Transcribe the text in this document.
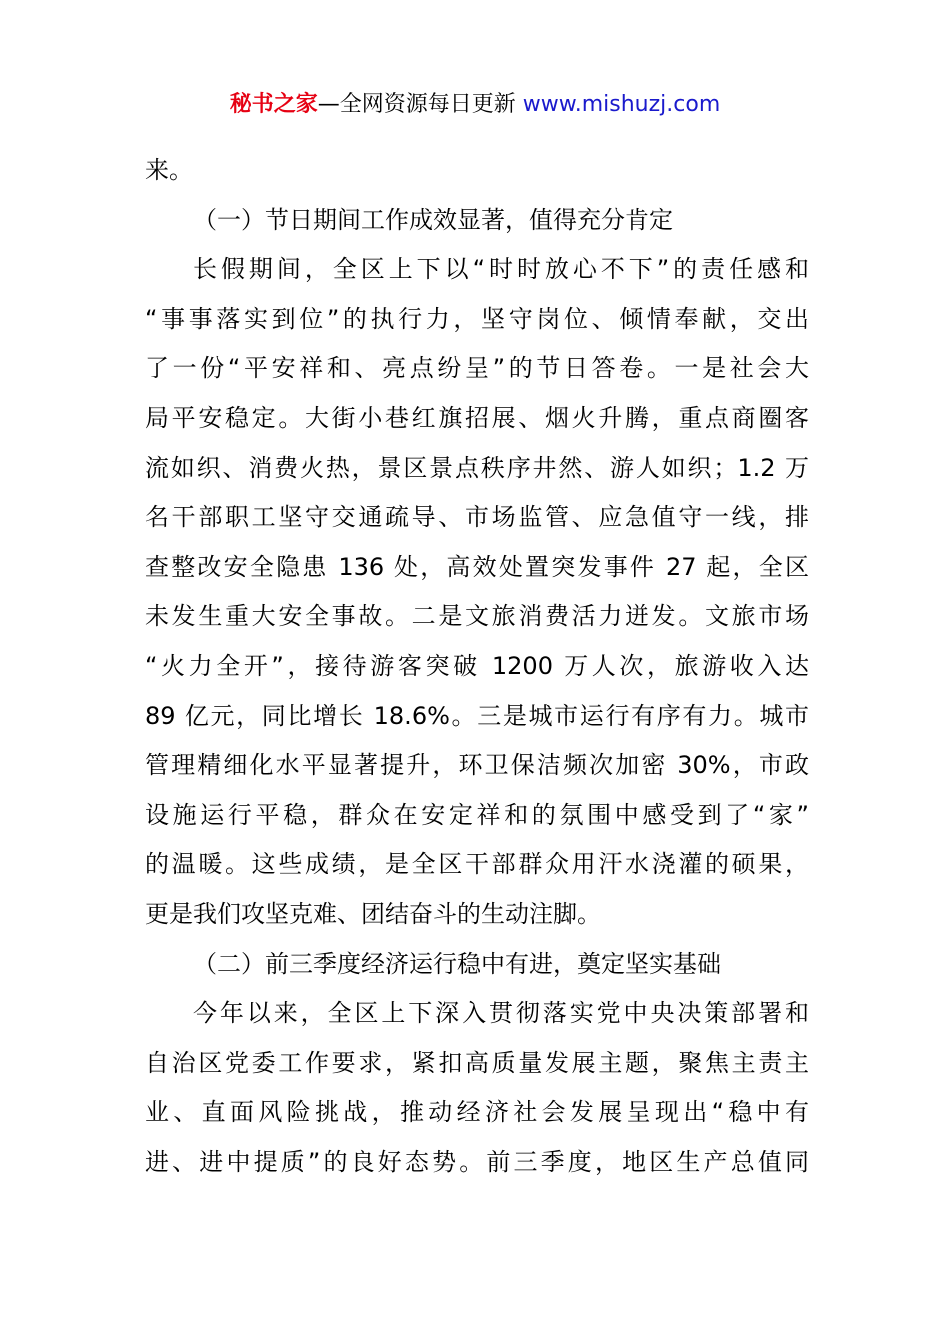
秘书之家—全网资源每日更新 www.mishuzj.com
来。
（一）节日期间工作成效显著，值得充分肯定
长假期间，全区上下以“时时放心不下”的责任感和
“事事落实到位”的执行力，坚守岗位、倾情奉献，交出
了一份“平安祥和、亮点纷呈”的节日答卷。一是社会大
局平安稳定。大街小巷红旗招展、烟火升腾，重点商圈客
流如织、消费火热，景区景点秩序井然、游人如织；1.2 万
名干部职工坚守交通疏导、市场监管、应急值守一线，排
查整改安全隐患 136 处，高效处置突发事件 27 起，全区
未发生重大安全事故。二是文旅消费活力迸发。文旅市场
“火力全开”，接待游客突破 1200 万人次，旅游收入达
89 亿元，同比增长 18.6%。三是城市运行有序有力。城市
管理精细化水平显著提升，环卫保洁频次加密 30%，市政
设施运行平稳，群众在安定祥和的氛围中感受到了“家”
的温暖。这些成绩，是全区干部群众用汗水浇灌的硕果，
更是我们攻坚克难、团结奋斗的生动注脚。
（二）前三季度经济运行稳中有进，奠定坚实基础
今年以来，全区上下深入贯彻落实党中央决策部署和
自治区党委工作要求，紧扣高质量发展主题，聚焦主责主
业、直面风险挑战，推动经济社会发展呈现出“稳中有
进、进中提质”的良好态势。前三季度，地区生产总值同
